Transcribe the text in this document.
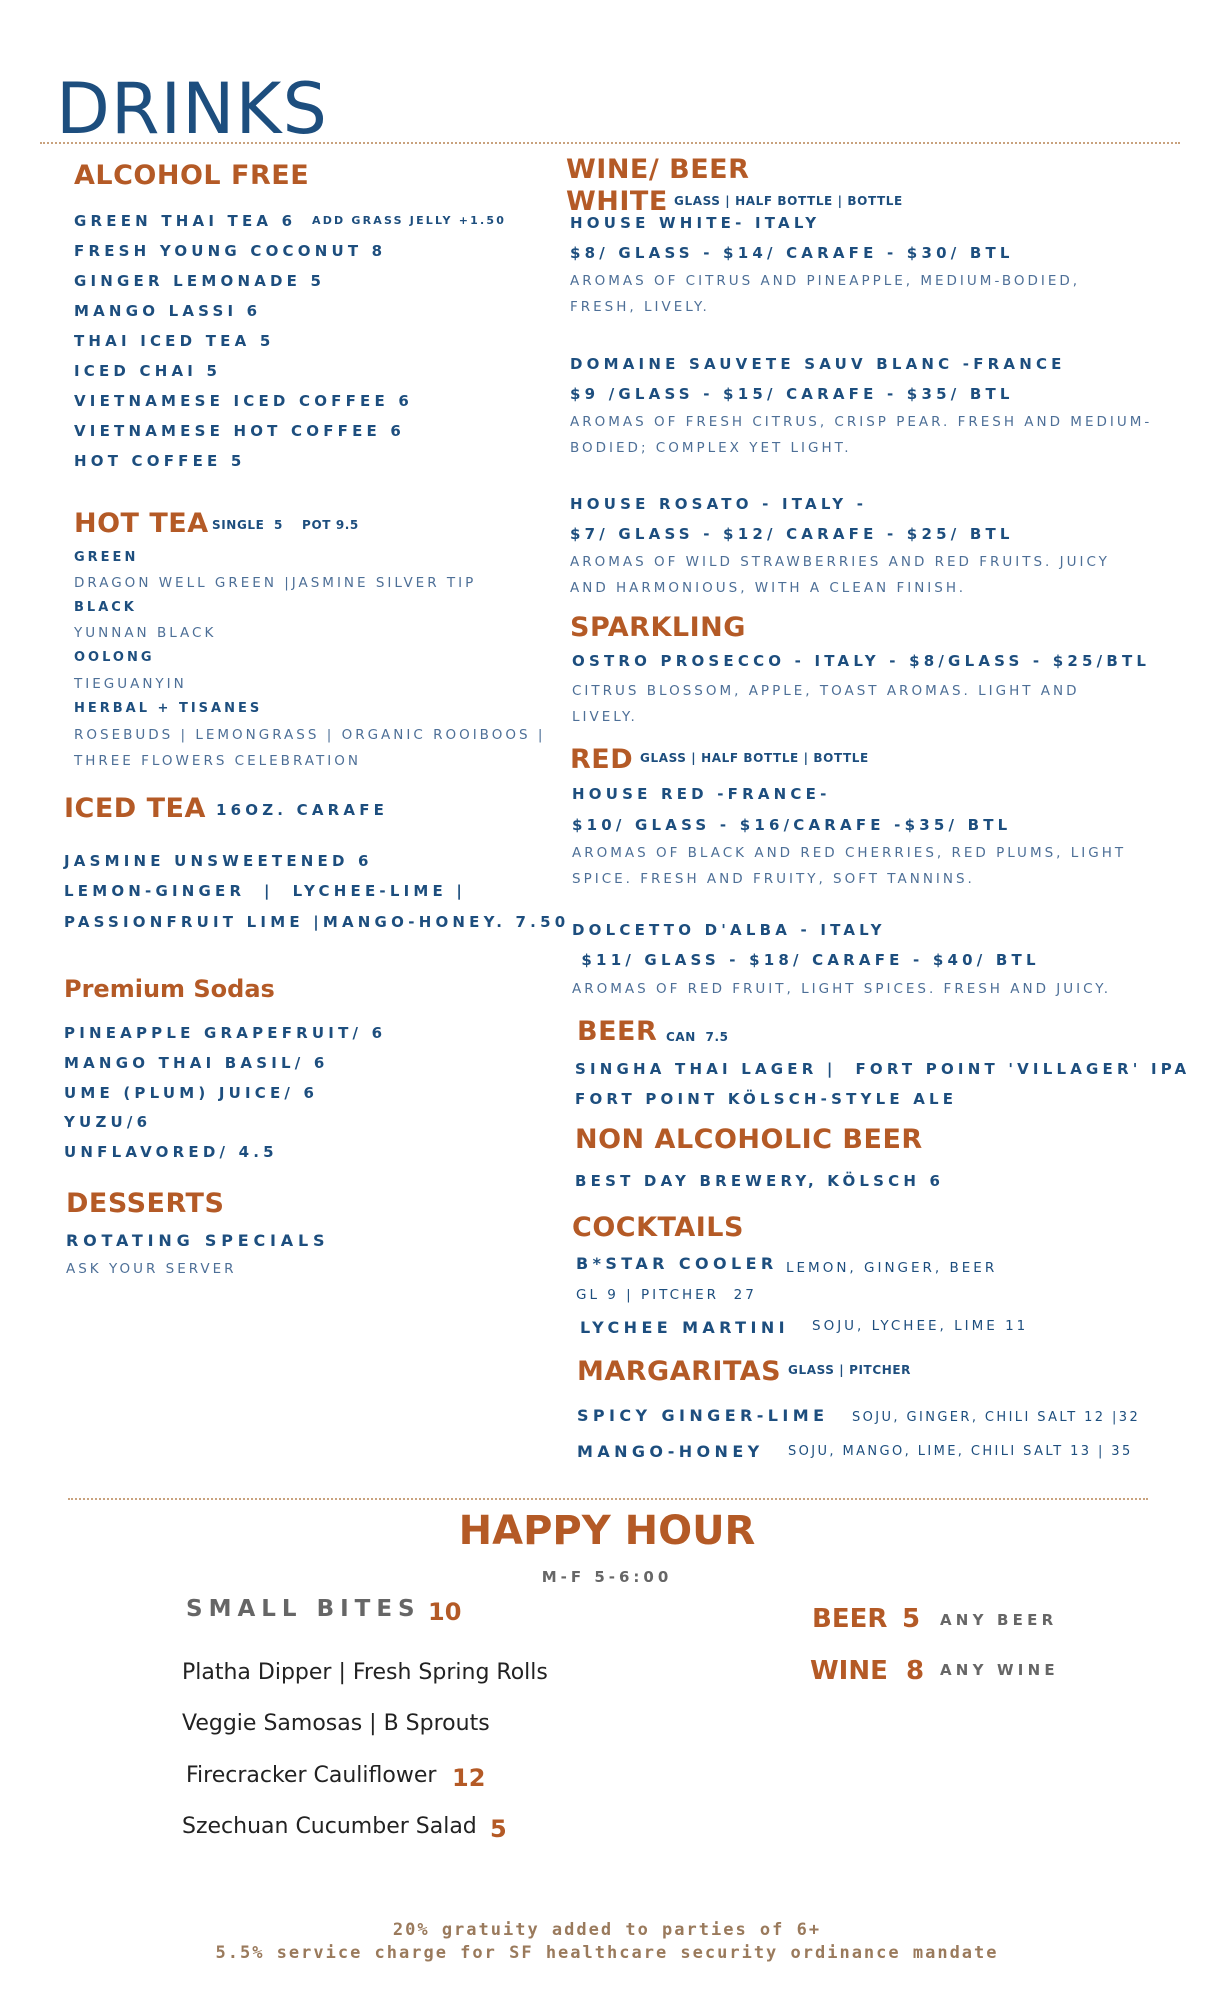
DRINKS
ALCOHOL FREE
GREEN THAI TEA 6 ADD GRASS JELLY +1.50
FRESH YOUNG COCONUT 8
GINGER LEMONADE 5
MANGO LASSI 6
THAI ICED TEA 5
ICED CHAI 5
VIETNAMESE ICED COFFEE 6
VIETNAMESE HOT COFFEE 6
HOT COFFEE 5
HOT TEA SINGLE  5    POT 9.5
GREEN
DRAGON WELL GREEN |JASMINE SILVER TIP
BLACK
YUNNAN BLACK
OOLONG
TIEGUANYIN
HERBAL + TISANES
ROSEBUDS | LEMONGRASS | ORGANIC ROOIBOOS |
THREE FLOWERS CELEBRATION
ICED TEA 16OZ. CARAFE
JASMINE UNSWEETENED 6
LEMON-GINGER  |  LYCHEE-LIME |
PASSIONFRUIT LIME |MANGO-HONEY. 7.50
Premium Sodas
PINEAPPLE GRAPEFRUIT/ 6
MANGO THAI BASIL/ 6
UME (PLUM) JUICE/ 6
YUZU/6
UNFLAVORED/ 4.5
DESSERTS
ROTATING SPECIALS
ASK YOUR SERVER
WINE/ BEER
WHITE GLASS | HALF BOTTLE | BOTTLE
HOUSE WHITE- ITALY
$8/ GLASS - $14/ CARAFE - $30/ BTL
AROMAS OF CITRUS AND PINEAPPLE, MEDIUM-BODIED,
FRESH, LIVELY.
DOMAINE SAUVETE SAUV BLANC -FRANCE
$9 /GLASS - $15/ CARAFE - $35/ BTL
AROMAS OF FRESH CITRUS, CRISP PEAR. FRESH AND MEDIUM-
BODIED; COMPLEX YET LIGHT.
HOUSE ROSATO - ITALY -
$7/ GLASS - $12/ CARAFE - $25/ BTL
AROMAS OF WILD STRAWBERRIES AND RED FRUITS. JUICY
AND HARMONIOUS, WITH A CLEAN FINISH.
SPARKLING
OSTRO PROSECCO - ITALY - $8/GLASS - $25/BTL
CITRUS BLOSSOM, APPLE, TOAST AROMAS. LIGHT AND
LIVELY.
RED GLASS | HALF BOTTLE | BOTTLE
HOUSE RED -FRANCE-
$10/ GLASS - $16/CARAFE -$35/ BTL
AROMAS OF BLACK AND RED CHERRIES, RED PLUMS, LIGHT
SPICE. FRESH AND FRUITY, SOFT TANNINS.
DOLCETTO D'ALBA - ITALY
$11/ GLASS - $18/ CARAFE - $40/ BTL
AROMAS OF RED FRUIT, LIGHT SPICES. FRESH AND JUICY.
BEER CAN  7.5
SINGHA THAI LAGER |  FORT POINT 'VILLAGER' IPA
FORT POINT KÖLSCH-STYLE ALE
NON ALCOHOLIC BEER
BEST DAY BREWERY, KÖLSCH 6
COCKTAILS
B*STAR COOLER LEMON, GINGER, BEER
GL 9 | PITCHER  27
LYCHEE MARTINI SOJU, LYCHEE, LIME 11
MARGARITAS GLASS | PITCHER
SPICY GINGER-LIME SOJU, GINGER, CHILI SALT 12 |32
MANGO-HONEY SOJU, MANGO, LIME, CHILI SALT 13 | 35
HAPPY HOUR
M-F 5-6:00
SMALL BITES 10
Platha Dipper | Fresh Spring Rolls
Veggie Samosas | B Sprouts
Firecracker Cauliflower 12
Szechuan Cucumber Salad 5
BEER 5 ANY BEER
WINE 8 ANY WINE
20% gratuity added to parties of 6+
5.5% service charge for SF healthcare security ordinance mandate
